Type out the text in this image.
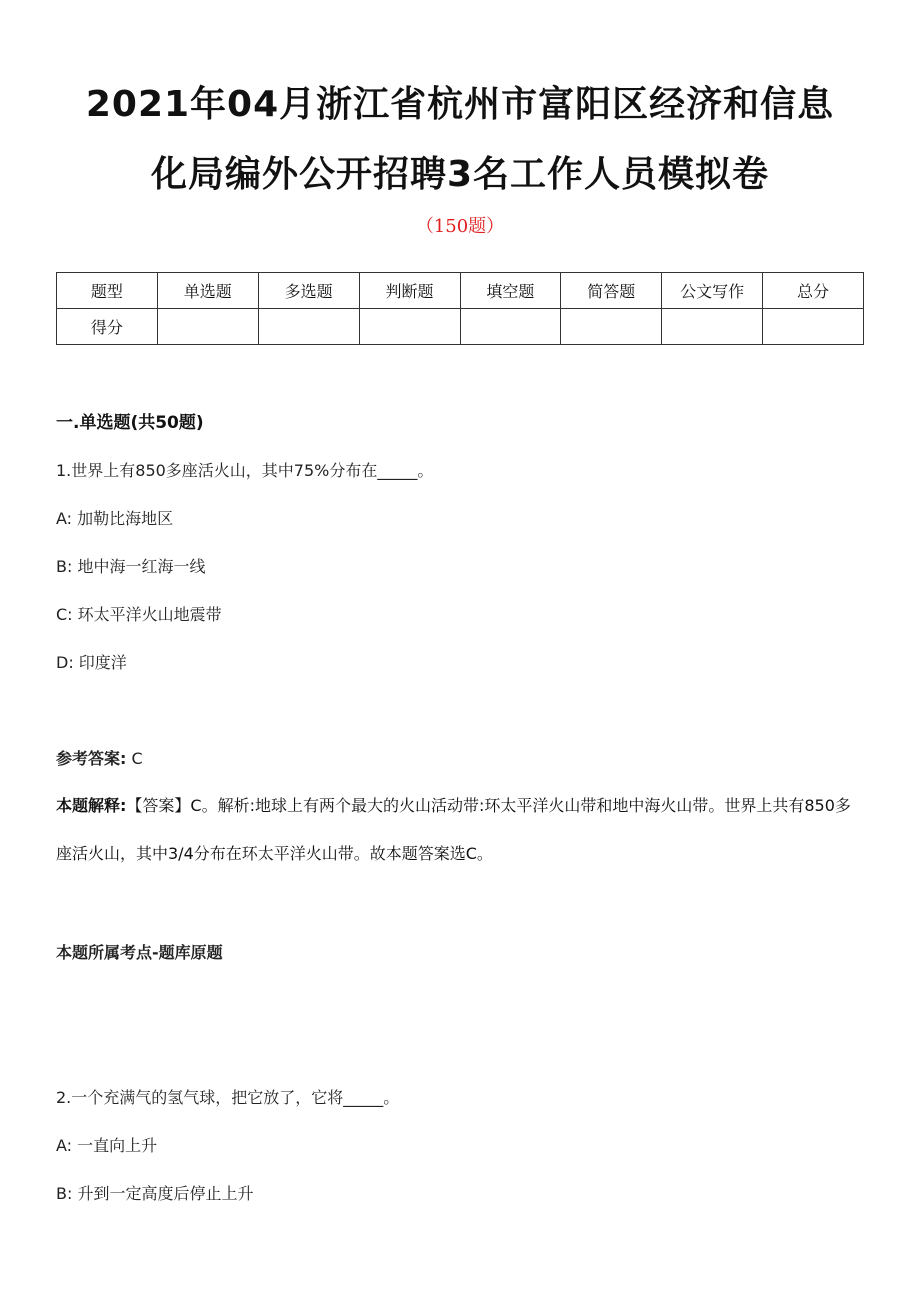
2021年04月浙江省杭州市富阳区经济和信息
化局编外公开招聘3名工作人员模拟卷
（150题）
题型	单选题	多选题	判断题	填空题	简答题	公文写作	总分
得分							
一.单选题(共50题)
1.世界上有850多座活火山，其中75%分布在_____。
A: 加勒比海地区
B: 地中海一红海一线
C: 环太平洋火山地震带
D: 印度洋
参考答案: C
本题解释:【答案】C。解析:地球上有两个最大的火山活动带:环太平洋火山带和地中海火山带。世界上共有850多座活火山，其中3/4分布在环太平洋火山带。故本题答案选C。
本题所属考点-题库原题
2.一个充满气的氢气球，把它放了，它将_____。
A: 一直向上升
B: 升到一定高度后停止上升
